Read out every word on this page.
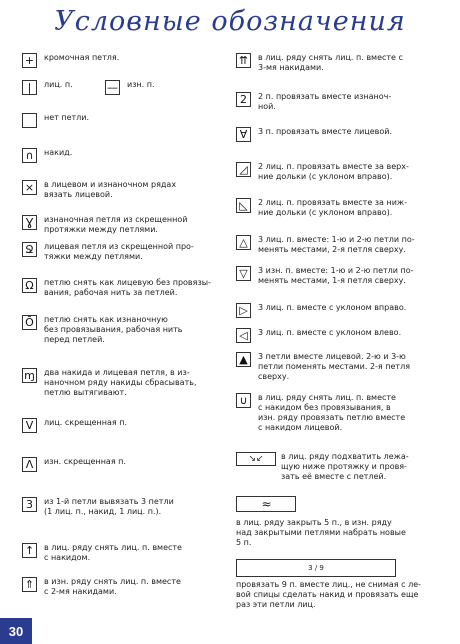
Условные обозначения
+	кромочная петля.
|	лиц. п.	— изн. п.
нет петли.
∩	накид.
×	в лицевом и изнаночном рядах
вязать лицевой.
Ɣ	изнаночная петля из скрещенной
протяжки между петлями.
Ջ	лицевая петля из скрещенной про-
тяжки между петлями.
Ω	петлю снять как лицевую без провязы-
вания, рабочая нить за петлей.
Ō	петлю снять как изнаночную
без провязывания, рабочая нить
перед петлей.
ɱ два накида и лицевая петля, в из-
наночном ряду накиды сбрасывать,
петлю вытягивают.
V	лиц. скрещенная п.
Λ	изн. скрещенная п.
3	из 1-й петли вывязать 3 петли
(1 лиц. п., накид, 1 лиц. п.).
↑	в лиц. ряду снять лиц. п. вместе
с накидом.
⇑	в изн. ряду снять лиц. п. вместе
с 2-мя накидами.
⇈	в лиц. ряду снять лиц. п. вместе с
3-мя накидами.
2	2 п. провязать вместе изнаноч-
ной.
∀	3 п. провязать вместе лицевой.
◿	2 лиц. п. провязать вместе за верх-
ние дольки (с уклоном вправо).
◺	2 лиц. п. провязать вместе за ниж-
ние дольки (с уклоном вправо).
△	3 лиц. п. вместе: 1-ю и 2-ю петли по-
менять местами, 2-я петля сверху.
▽	3 изн. п. вместе: 1-ю и 2-ю петли по-
менять местами, 1-я петля сверху.
▷	3 лиц. п. вместе с уклоном вправо.
◁	3 лиц. п. вместе с уклоном влево.
▲	3 петли вместе лицевой. 2-ю и 3-ю
петли поменять местами. 2-я петля
сверху.
∪	в лиц. ряду снять лиц. п. вместе
с накидом без провязывания, в
изн. ряду провязать петлю вместе
с накидом лицевой.
↘↙	в лиц. ряду подхватить лежа-
щую ниже протяжку и провя-
зать её вместе с петлей.
≈
в лиц. ряду закрыть 5 п., в изн. ряду
над закрытыми петлями набрать новые
5 п.
3 / 9
провязать 9 п. вместе лиц., не снимая с ле-
вой спицы сделать накид и провязать еще
раз эти петли лиц.
30
